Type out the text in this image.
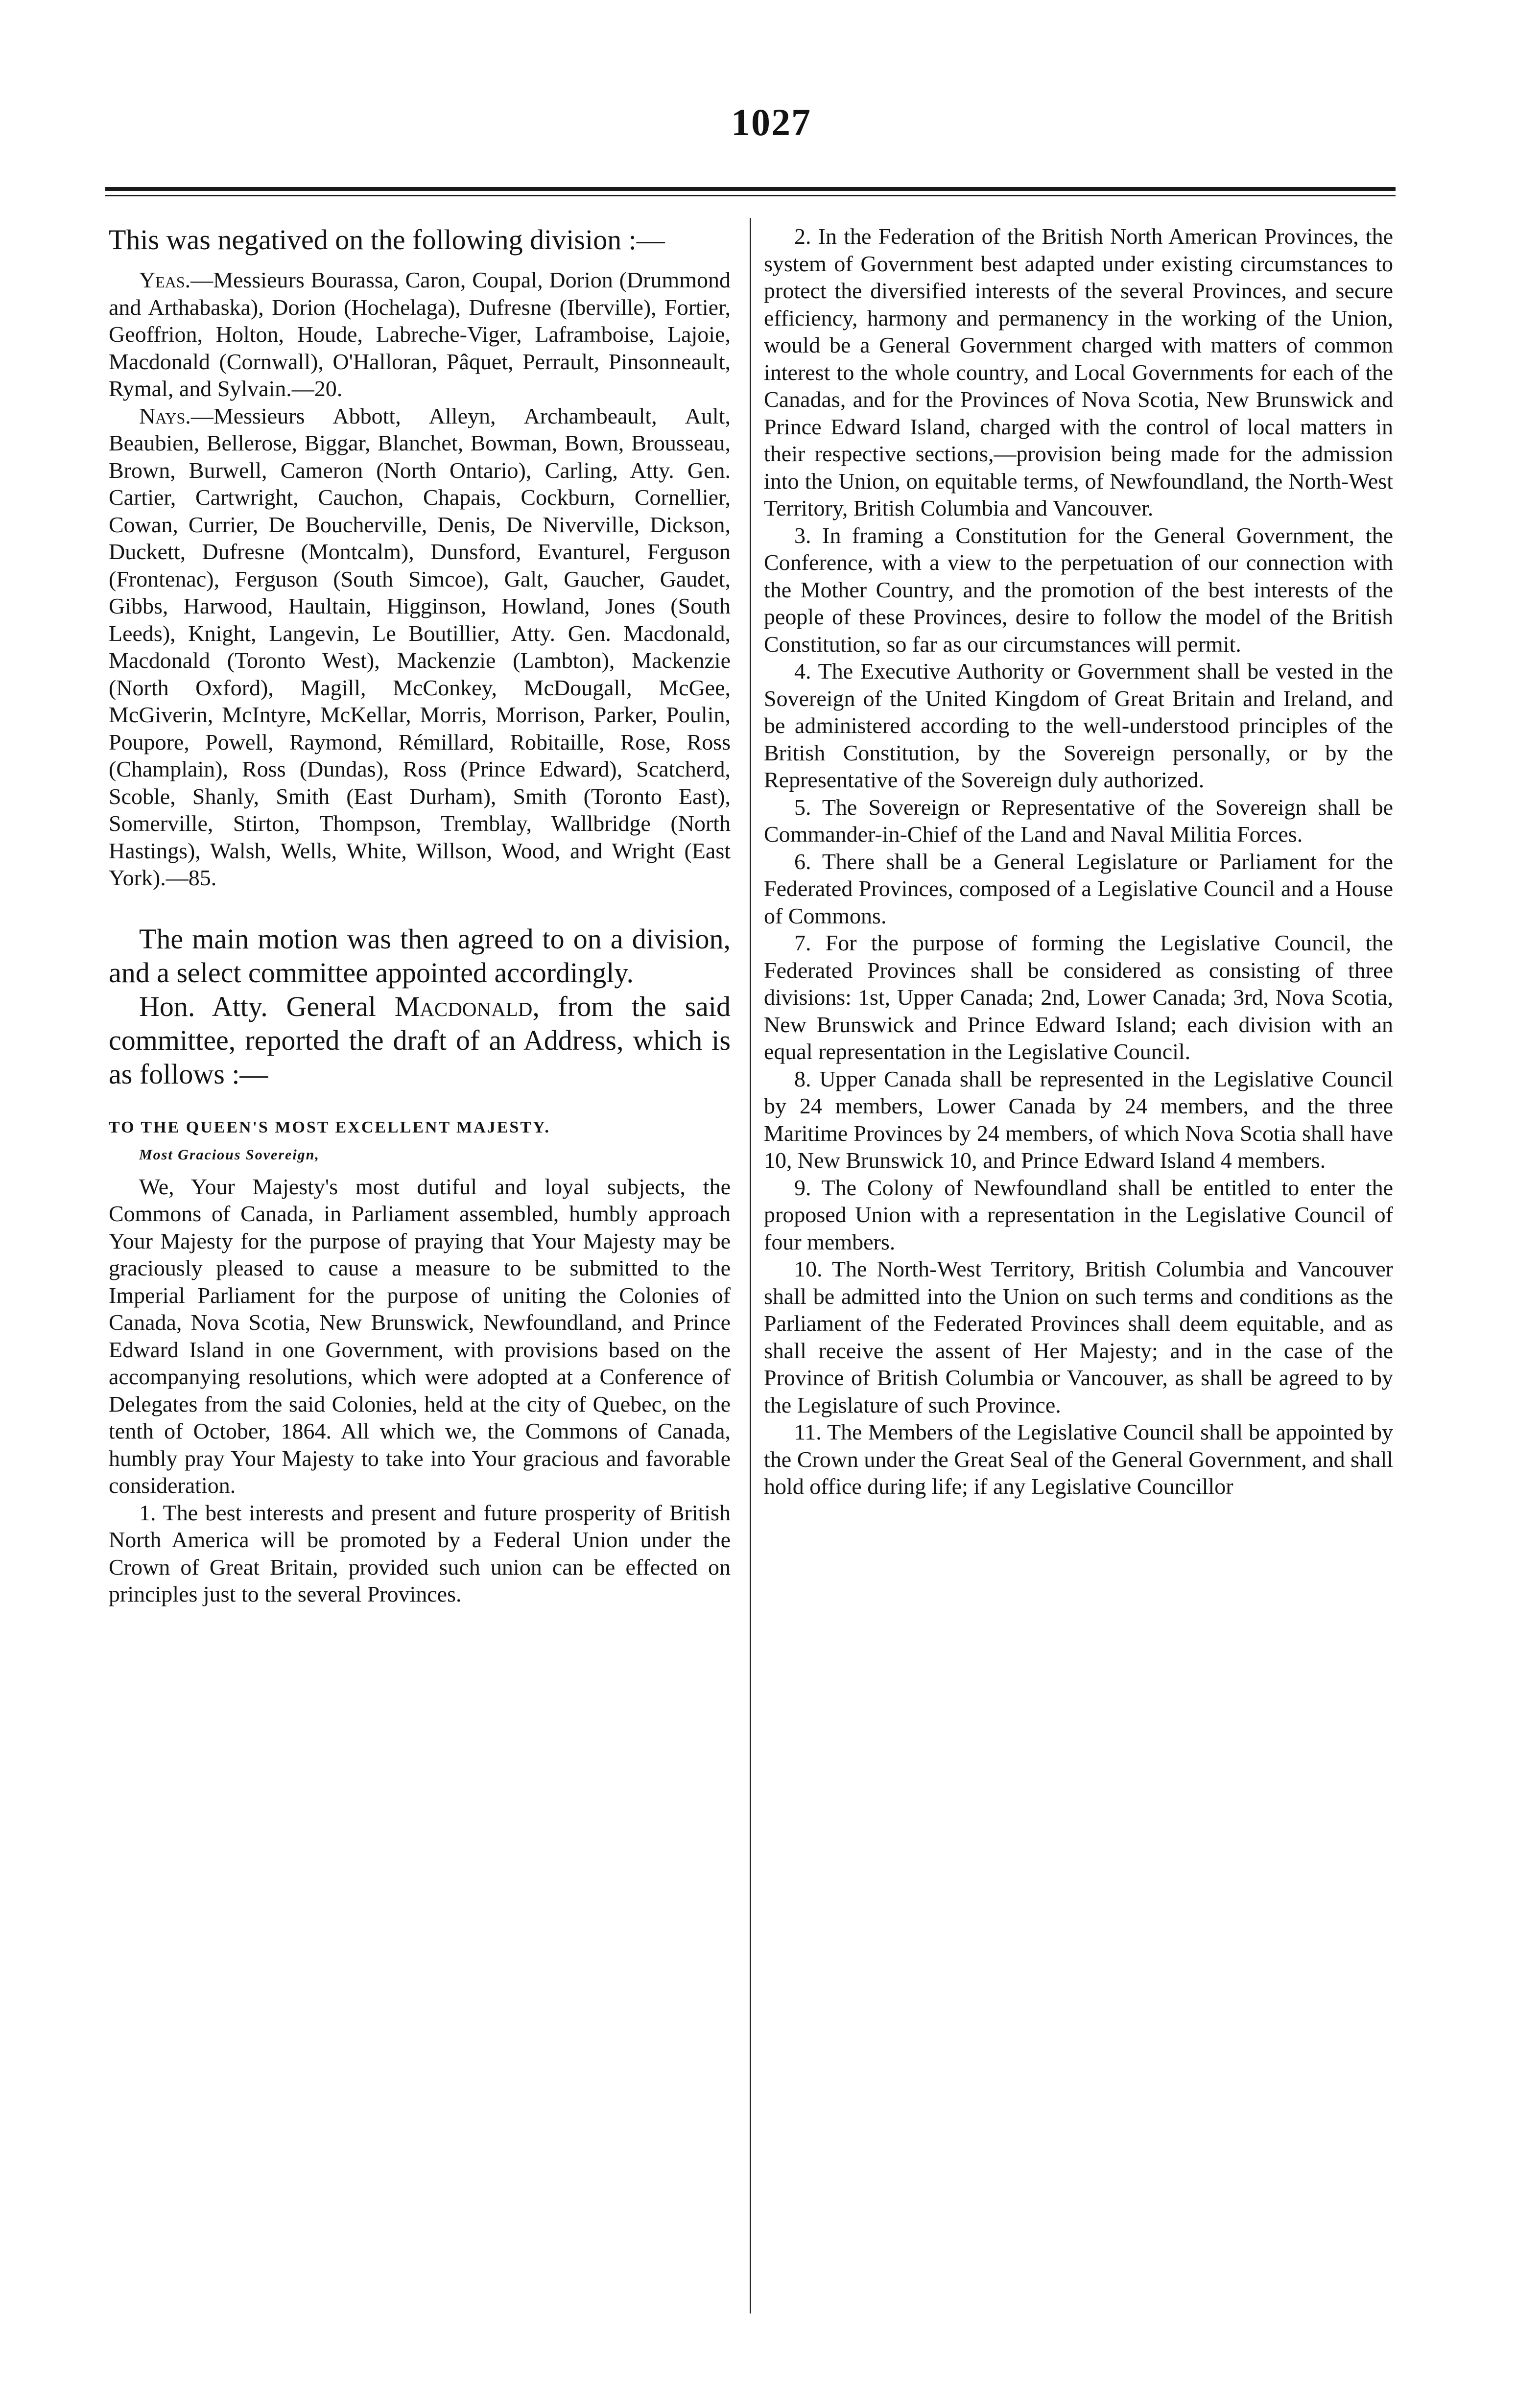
1027

This was negatived on the following division :—

Yeas.—Messieurs Bourassa, Caron, Coupal, Dorion (Drummond and Arthabaska), Dorion (Hochelaga), Dufresne (Iberville), Fortier, Geoffrion, Holton, Houde, Labreche-Viger, Laframboise, Lajoie, Macdonald (Cornwall), O'Halloran, Pâquet, Perrault, Pinsonneault, Rymal, and Sylvain.—20.

Nays.—Messieurs Abbott, Alleyn, Archambeault, Ault, Beaubien, Bellerose, Biggar, Blanchet, Bowman, Bown, Brousseau, Brown, Burwell, Cameron (North Ontario), Carling, Atty. Gen. Cartier, Cartwright, Cauchon, Chapais, Cockburn, Cornellier, Cowan, Currier, De Boucherville, Denis, De Niverville, Dickson, Duckett, Dufresne (Montcalm), Dunsford, Evanturel, Ferguson (Frontenac), Ferguson (South Simcoe), Galt, Gaucher, Gaudet, Gibbs, Harwood, Haultain, Higginson, Howland, Jones (South Leeds), Knight, Langevin, Le Boutillier, Atty. Gen. Macdonald, Macdonald (Toronto West), Mackenzie (Lambton), Mackenzie (North Oxford), Magill, McConkey, McDougall, McGee, McGiverin, McIntyre, McKellar, Morris, Morrison, Parker, Poulin, Poupore, Powell, Raymond, Rémillard, Robitaille, Rose, Ross (Champlain), Ross (Dundas), Ross (Prince Edward), Scatcherd, Scoble, Shanly, Smith (East Durham), Smith (Toronto East), Somerville, Stirton, Thompson, Tremblay, Wallbridge (North Hastings), Walsh, Wells, White, Willson, Wood, and Wright (East York).—85.

The main motion was then agreed to on a division, and a select committee appointed accordingly.

Hon. Atty. General Macdonald, from the said committee, reported the draft of an Address, which is as follows :—

TO THE QUEEN'S MOST EXCELLENT MAJESTY.

Most Gracious Sovereign,

We, Your Majesty's most dutiful and loyal subjects, the Commons of Canada, in Parliament assembled, humbly approach Your Majesty for the purpose of praying that Your Majesty may be graciously pleased to cause a measure to be submitted to the Imperial Parliament for the purpose of uniting the Colonies of Canada, Nova Scotia, New Brunswick, Newfoundland, and Prince Edward Island in one Government, with provisions based on the accompanying resolutions, which were adopted at a Conference of Delegates from the said Colonies, held at the city of Quebec, on the tenth of October, 1864. All which we, the Commons of Canada, humbly pray Your Majesty to take into Your gracious and favorable consideration.

1. The best interests and present and future prosperity of British North America will be promoted by a Federal Union under the Crown of Great Britain, provided such union can be effected on principles just to the several Provinces.

2. In the Federation of the British North American Provinces, the system of Government best adapted under existing circumstances to protect the diversified interests of the several Provinces, and secure efficiency, harmony and permanency in the working of the Union, would be a General Government charged with matters of common interest to the whole country, and Local Governments for each of the Canadas, and for the Provinces of Nova Scotia, New Brunswick and Prince Edward Island, charged with the control of local matters in their respective sections,—provision being made for the admission into the Union, on equitable terms, of Newfoundland, the North-West Territory, British Columbia and Vancouver.

3. In framing a Constitution for the General Government, the Conference, with a view to the perpetuation of our connection with the Mother Country, and the promotion of the best interests of the people of these Provinces, desire to follow the model of the British Constitution, so far as our circumstances will permit.

4. The Executive Authority or Government shall be vested in the Sovereign of the United Kingdom of Great Britain and Ireland, and be administered according to the well-understood principles of the British Constitution, by the Sovereign personally, or by the Representative of the Sovereign duly authorized.

5. The Sovereign or Representative of the Sovereign shall be Commander-in-Chief of the Land and Naval Militia Forces.

6. There shall be a General Legislature or Parliament for the Federated Provinces, composed of a Legislative Council and a House of Commons.

7. For the purpose of forming the Legislative Council, the Federated Provinces shall be considered as consisting of three divisions: 1st, Upper Canada; 2nd, Lower Canada; 3rd, Nova Scotia, New Brunswick and Prince Edward Island; each division with an equal representation in the Legislative Council.

8. Upper Canada shall be represented in the Legislative Council by 24 members, Lower Canada by 24 members, and the three Maritime Provinces by 24 members, of which Nova Scotia shall have 10, New Brunswick 10, and Prince Edward Island 4 members.

9. The Colony of Newfoundland shall be entitled to enter the proposed Union with a representation in the Legislative Council of four members.

10. The North-West Territory, British Columbia and Vancouver shall be admitted into the Union on such terms and conditions as the Parliament of the Federated Provinces shall deem equitable, and as shall receive the assent of Her Majesty; and in the case of the Province of British Columbia or Vancouver, as shall be agreed to by the Legislature of such Province.

11. The Members of the Legislative Council shall be appointed by the Crown under the Great Seal of the General Government, and shall hold office during life; if any Legislative Councillor
